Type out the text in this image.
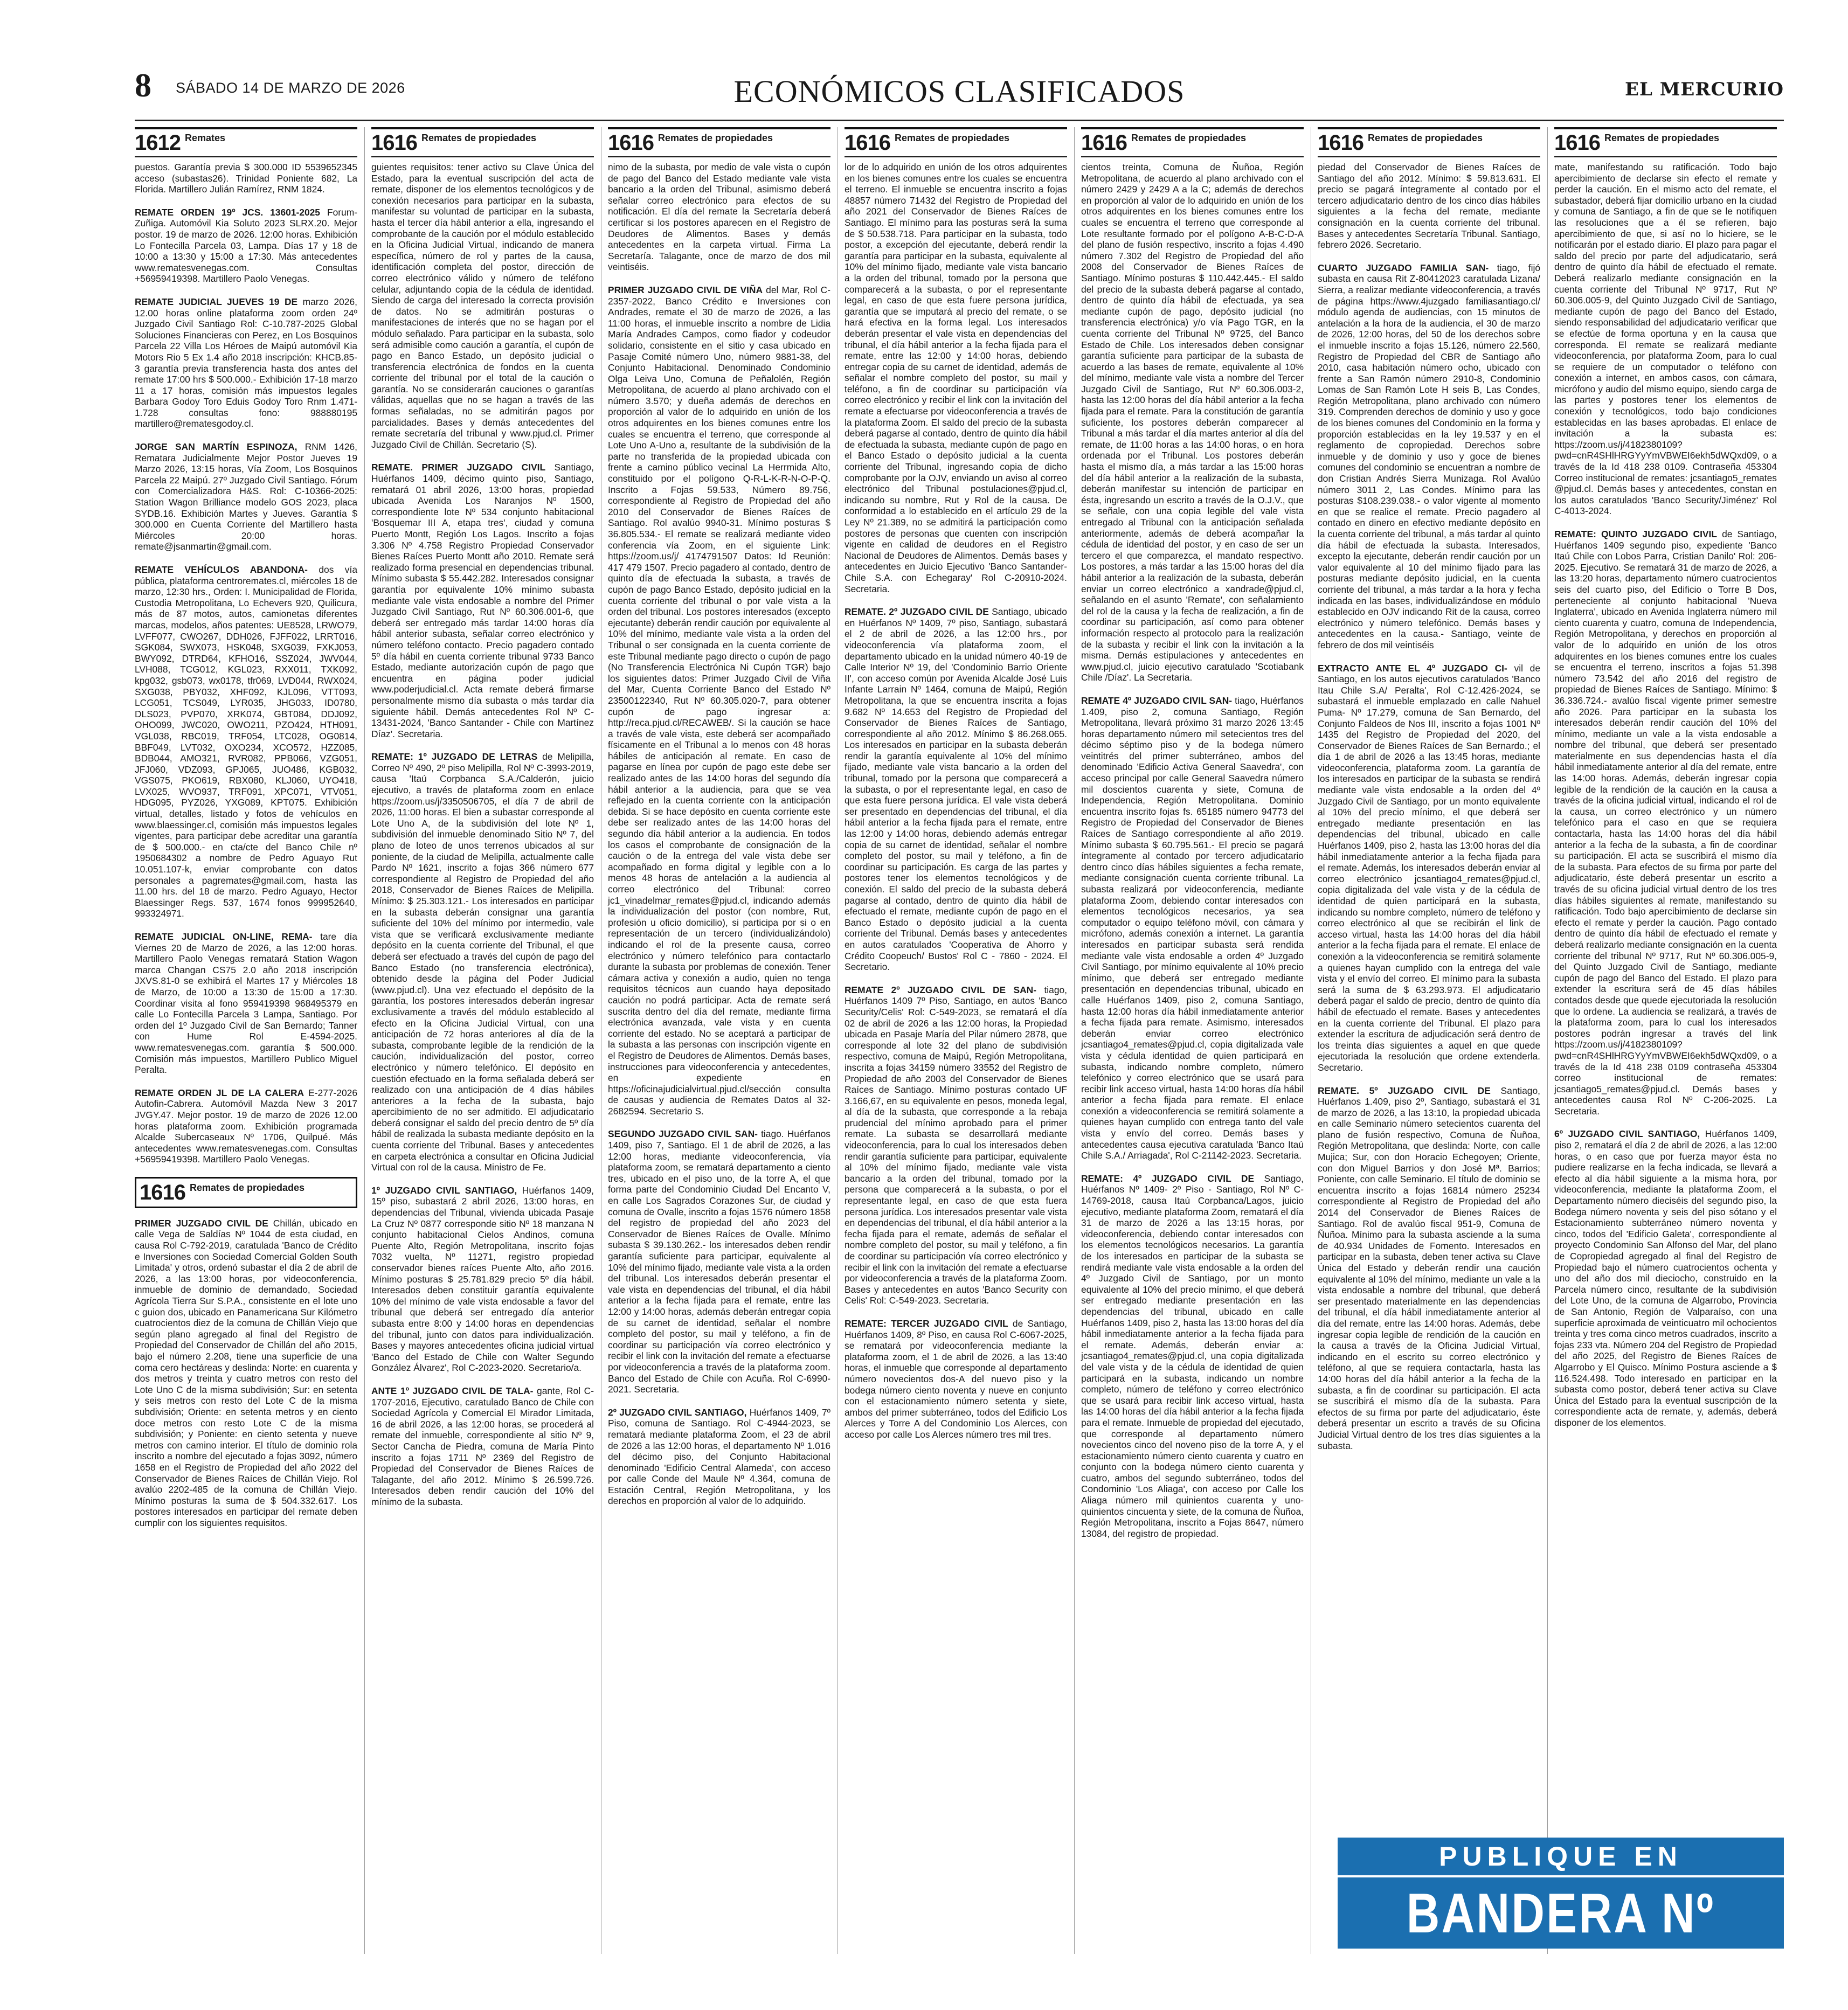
8 SÁBADO 14 DE MARZO DE 2026	ECONÓMICOS CLASIFICADOS	EL MERCURIO
1612 Remates

puestos. Garantía previa $ 300.000 ID 5539652345 acceso (subastas26). Trinidad Poniente 682, La Florida. Martillero Julián Ramírez, RNM 1824.

REMATE ORDEN 19º JCS. 13601-2025 Forum-Zuñiga. Automóvil Kia Soluto 2023 SLRX.20. Mejor postor. 19 de marzo de 2026. 12:00 horas. Exhibición Lo Fontecilla Parcela 03, Lampa. Días 17 y 18 de 10:00 a 13:30 y 15:00 a 17:30. Más antecedentes www.rematesvenegas.com. Consultas +56959419398. Martillero Paolo Venegas.

REMATE JUDICIAL JUEVES 19 DE marzo 2026, 12.00 horas online plataforma zoom orden 24º Juzgado Civil Santiago Rol: C-10.787-2025 Global Soluciones Financieras con Perez, en Los Bosquinos Parcela 22 Villa Los Héroes de Maipú automóvil Kia Motors Rio 5 Ex 1.4 año 2018 inscripción: KHCB.85-3 garantía previa transferencia hasta dos antes del remate 17:00 hrs $ 500.000.- Exhibición 17-18 marzo 11 a 17 horas, comisión más impuestos legales Barbara Godoy Toro Eduis Godoy Toro Rnm 1.471-1.728 consultas fono: 988880195 martillero@rematesgodoy.cl.

JORGE SAN MARTÍN ESPINOZA, RNM 1426, Rematara Judicialmente Mejor Postor Jueves 19 Marzo 2026, 13:15 horas, Vía Zoom, Los Bosquinos Parcela 22 Maipú. 27º Juzgado Civil Santiago. Fórum con Comercializadora H&S. Rol: C-10366-2025: Station Wagon Brilliance modelo GOS 2023, placa SYDB.16. Exhibición Martes y Jueves. Garantía $ 300.000 en Cuenta Corriente del Martillero hasta Miércoles 20:00 horas. remate@jsanmartin@gmail.com.

REMATE VEHÍCULOS ABANDONA- dos vía pública, plataforma centroremates.cl, miércoles 18 de marzo, 12:30 hrs., Orden: I. Municipalidad de Florida, Custodia Metropolitana, Lo Echevers 920, Quilicura, más de 87 motos, autos, camionetas diferentes marcas, modelos, años patentes: UE8528, LRWO79, LVFF077, CWO267, DDH026, FJFF022, LRRT016, SGK084, SWX073, HSK048, SXG039, FXKJ053, BWY092, DTRD64, KFHO16, SSZ024, JWV044, LVH088, TCG012, KGL023, RXX011, TXK092, kpg032, gsb073, wx0178, tfr069, LVD044, RWX024, SXG038, PBY032, XHF092, KJL096, VTT093, LCG051, TCS049, LYR035, JHG033, ID0780, DLS023, PVP070, XRK074, GBT084, DDJ092, OHO099, JWC020, OWO211, PZO424, HTH091, VGL038, RBC019, TRF054, LTC028, OG0814, BBF049, LVT032, OXO234, XCO572, HZZ085, BDB044, AMO321, RVR082, PPB066, VZG051, JFJ060, VDZ093, GPJ065, JUO486, KGB032, VGS075, PKO619, RBX080, KLJ060, UYO418, LVX025, WVO937, TRF091, XPC071, VTV051, HDG095, PYZ026, YXG089, KPT075. Exhibición virtual, detalles, listado y fotos de vehículos en www.blaessinger.cl, comisión más impuestos legales vigentes, para participar debe acreditar una garantía de $ 500.000.- en cta/cte del Banco Chile nº 1950684302 a nombre de Pedro Aguayo Rut 10.051.107-k, enviar comprobante con datos personales a pagremates@gmail.com, hasta las 11.00 hrs. del 18 de marzo. Pedro Aguayo, Hector Blaessinger Regs. 537, 1674 fonos 999952640, 993324971.

REMATE JUDICIAL ON-LINE, REMA- tare día Viernes 20 de Marzo de 2026, a las 12:00 horas. Martillero Paolo Venegas rematará Station Wagon marca Changan CS75 2.0 año 2018 inscripción JXVS.81-0 se exhibirá el Martes 17 y Miércoles 18 de Marzo, de 10:00 a 13:30 de 15:00 a 17:30. Coordinar visita al fono 959419398 968495379 en calle Lo Fontecilla Parcela 3 Lampa, Santiago. Por orden del 1º Juzgado Civil de San Bernardo; Tanner con Hume Rol E-4594-2025. www.rematesvenegas.com. garantía $ 500.000. Comisión más impuestos, Martillero Publico Miguel Peralta.

REMATE ORDEN JL DE LA CALERA E-277-2026 Autofin-Cabrera. Automóvil Mazda New 3 2017 JVGY.47. Mejor postor. 19 de marzo de 2026 12.00 horas plataforma zoom. Exhibición programada Alcalde Subercaseaux Nº 1706, Quilpué. Más antecedentes www.rematesvenegas.com. Consultas +56959419398. Martillero Paolo Venegas.

1616 Remates de propiedades

PRIMER JUZGADO CIVIL DE Chillán, ubicado en calle Vega de Saldías Nº 1044 de esta ciudad, en causa Rol C-792-2019, caratulada 'Banco de Crédito e Inversiones con Sociedad Comercial Golden South Limitada' y otros, ordenó subastar el día 2 de abril de 2026, a las 13:00 horas, por videoconferencia, inmueble de dominio de demandado, Sociedad Agrícola Tierra Sur S.P.A., consistente en el lote uno c guion dos, ubicado en Panamericana Sur Kilómetro cuatrocientos diez de la comuna de Chillán Viejo que según plano agregado al final del Registro de Propiedad del Conservador de Chillán del año 2015, bajo el número 2.208, tiene una superficie de una coma cero hectáreas y deslinda: Norte: en cuarenta y dos metros y treinta y cuatro metros con resto del Lote Uno C de la misma subdivisión; Sur: en setenta y seis metros con resto del Lote C de la misma subdivisión; Oriente: en setenta metros y en ciento doce metros con resto Lote C de la misma subdivisión; y Poniente: en ciento setenta y nueve metros con camino interior. El título de dominio rola inscrito a nombre del ejecutado a fojas 3092, número 1658 en el Registro de Propiedad del año 2022 del Conservador de Bienes Raíces de Chillán Viejo. Rol avalúo 2202-485 de la comuna de Chillán Viejo. Mínimo posturas la suma de $ 504.332.617. Los postores interesados en participar del remate deben cumplir con los siguientes requisitos.

1616 Remates de propiedades

guientes requisitos: tener activo su Clave Única del Estado, para la eventual suscripción del acta de remate, disponer de los elementos tecnológicos y de conexión necesarios para participar en la subasta, manifestar su voluntad de participar en la subasta, hasta el tercer día hábil anterior a ella, ingresando el comprobante de la caución por el módulo establecido en la Oficina Judicial Virtual, indicando de manera específica, número de rol y partes de la causa, identificación completa del postor, dirección de correo electrónico válido y número de teléfono celular, adjuntando copia de la cédula de identidad. Siendo de carga del interesado la correcta provisión de datos. No se admitirán posturas o manifestaciones de interés que no se hagan por el módulo señalado. Para participar en la subasta, solo será admisible como caución a garantía, el cupón de pago en Banco Estado, un depósito judicial o transferencia electrónica de fondos en la cuenta corriente del tribunal por el total de la caución o garantía. No se considerarán cauciones o garantías válidas, aquellas que no se hagan a través de las formas señaladas, no se admitirán pagos por parcialidades. Bases y demás antecedentes del remate secretaría del tribunal y www.pjud.cl. Primer Juzgado Civil de Chillán. Secretario (S).

REMATE. PRIMER JUZGADO CIVIL Santiago, Huérfanos 1409, décimo quinto piso, Santiago, rematará 01 abril 2026, 13:00 horas, propiedad ubicada Avenida Los Naranjos Nº 1500, correspondiente lote Nº 534 conjunto habitacional 'Bosquemar III A, etapa tres', ciudad y comuna Puerto Montt, Región Los Lagos. Inscrito a fojas 3.306 Nº 4.758 Registro Propiedad Conservador Bienes Raíces Puerto Montt año 2010. Remate será realizado forma presencial en dependencias tribunal. Mínimo subasta $ 55.442.282. Interesados consignar garantía por equivalente 10% mínimo subasta mediante vale vista endosable a nombre del Primer Juzgado Civil Santiago, Rut Nº 60.306.001-6, que deberá ser entregado más tardar 14:00 horas día hábil anterior subasta, señalar correo electrónico y número teléfono contacto. Precio pagadero contado 5º día hábil en cuenta corriente tribunal 9733 Banco Estado, mediante autorización cupón de pago que encuentra en página poder judicial www.poderjudicial.cl. Acta remate deberá firmarse personalmente mismo día subasta o más tardar día siguiente hábil. Demás antecedentes Rol Nº C-13431-2024, 'Banco Santander - Chile con Martínez Díaz'. Secretaria.

REMATE: 1º JUZGADO DE LETRAS de Melipilla, Correo Nº 490, 2º piso Melipilla, Rol Nº C-3993-2019, causa 'Itaú Corpbanca S.A./Calderón, juicio ejecutivo, a través de plataforma zoom en enlace https://zoom.us/j/3350506705, el día 7 de abril de 2026, 11:00 horas. El bien a subastar corresponde al Lote Uno A, de la subdivisión del lote Nº 1, subdivisión del inmueble denominado Sitio Nº 7, del plano de loteo de unos terrenos ubicados al sur poniente, de la ciudad de Melipilla, actualmente calle Pardo Nº 1621, inscrito a fojas 366 número 677 correspondiente al Registro de Propiedad del año 2018, Conservador de Bienes Raíces de Melipilla. Mínimo: $ 25.303.121.- Los interesados en participar en la subasta deberán consignar una garantía suficiente del 10% del mínimo por intermedio, vale vista que se verificará exclusivamente mediante depósito en la cuenta corriente del Tribunal, el que deberá ser efectuado a través del cupón de pago del Banco Estado (no transferencia electrónica), obtenido desde la página del Poder Judicial (www.pjud.cl). Una vez efectuado el depósito de la garantía, los postores interesados deberán ingresar exclusivamente a través del módulo establecido al efecto en la Oficina Judicial Virtual, con una anticipación de 72 horas anteriores al día de la subasta, comprobante legible de la rendición de la caución, individualización del postor, correo electrónico y número telefónico. El depósito en cuestión efectuado en la forma señalada deberá ser realizado con una anticipación de 4 días hábiles anteriores a la fecha de la subasta, bajo apercibimiento de no ser admitido. El adjudicatario deberá consignar el saldo del precio dentro de 5º día hábil de realizada la subasta mediante depósito en la cuenta corriente del Tribunal. Bases y antecedentes en carpeta electrónica a consultar en Oficina Judicial Virtual con rol de la causa. Ministro de Fe.

1º JUZGADO CIVIL SANTIAGO, Huérfanos 1409, 15º piso, subastará 2 abril 2026, 13:00 horas, en dependencias del Tribunal, vivienda ubicada Pasaje La Cruz Nº 0877 corresponde sitio Nº 18 manzana N conjunto habitacional Cielos Andinos, comuna Puente Alto, Región Metropolitana, inscrito fojas 7032 vuelta, Nº 11271, registro propiedad conservador bienes raíces Puente Alto, año 2016. Mínimo posturas $ 25.781.829 precio 5º día hábil. Interesados deben constituir garantía equivalente 10% del mínimo de vale vista endosable a favor del tribunal que deberá ser entregado día anterior subasta entre 8:00 y 14:00 horas en dependencias del tribunal, junto con datos para individualización. Bases y mayores antecedentes oficina judicial virtual 'Banco del Estado de Chile con Walter Segundo González Álvarez', Rol C-2023-2020. Secretario/a.

ANTE 1º JUZGADO CIVIL DE TALA- gante, Rol C-1707-2016, Ejecutivo, caratulado Banco de Chile con Sociedad Agrícola y Comercial El Mirador Limitada, 16 de abril 2026, a las 12:00 horas, se procederá al remate del inmueble, correspondiente al sitio Nº 9, Sector Cancha de Piedra, comuna de María Pinto inscrito a fojas 1711 Nº 2369 del Registro de Propiedad del Conservador de Bienes Raíces de Talagante, del año 2012. Mínimo $ 26.599.726. Interesados deben rendir caución del 10% del mínimo de la subasta.

1616 Remates de propiedades

nimo de la subasta, por medio de vale vista o cupón de pago del Banco del Estado mediante vale vista bancario a la orden del Tribunal, asimismo deberá señalar correo electrónico para efectos de su notificación. El día del remate la Secretaría deberá certificar si los postores aparecen en el Registro de Deudores de Alimentos. Bases y demás antecedentes en la carpeta virtual. Firma La Secretaría. Talagante, once de marzo de dos mil veintiséis.

PRIMER JUZGADO CIVIL DE VIÑA del Mar, Rol C-2357-2022, Banco Crédito e Inversiones con Andrades, remate el 30 de marzo de 2026, a las 11:00 horas, el inmueble inscrito a nombre de Lidia María Andrades Campos, como fiador y codeudor solidario, consistente en el sitio y casa ubicado en Pasaje Comité número Uno, número 9881-38, del Conjunto Habitacional. Denominado Condominio Olga Leiva Uno, Comuna de Peñalolén, Región Metropolitana, de acuerdo al plano archivado con el número 3.570; y dueña además de derechos en proporción al valor de lo adquirido en unión de los otros adquirentes en los bienes comunes entre los cuales se encuentra el terreno, que corresponde al Lote Uno A-Uno a, resultante de la subdivisión de la parte no transferida de la propiedad ubicada con frente a camino público vecinal La Herrmida Alto, constituido por el polígono Q-R-L-K-R-N-O-P-Q. Inscrito a Fojas 59.533, Número 89.756, correspondiente al Registro de Propiedad del año 2010 del Conservador de Bienes Raíces de Santiago. Rol avalúo 9940-31. Mínimo posturas $ 36.805.534.- El remate se realizará mediante video conferencia vía Zoom, en el siguiente Link: https://zoom.us/j/ 4174791507 Datos: Id Reunión: 417 479 1507. Precio pagadero al contado, dentro de quinto día de efectuada la subasta, a través de cupón de pago Banco Estado, depósito judicial en la cuenta corriente del tribunal o por vale vista a la orden del tribunal. Los postores interesados (excepto ejecutante) deberán rendir caución por equivalente al 10% del mínimo, mediante vale vista a la orden del Tribunal o ser consignada en la cuenta corriente de este Tribunal mediante pago directo o cupón de pago (No Transferencia Electrónica Ni Cupón TGR) bajo los siguientes datos: Primer Juzgado Civil de Viña del Mar, Cuenta Corriente Banco del Estado Nº 23500122340, Rut Nº 60.305.020-7, para obtener cupón de pago ingresar a: http://reca.pjud.cl/RECAWEB/. Si la caución se hace a través de vale vista, este deberá ser acompañado físicamente en el Tribunal a lo menos con 48 horas hábiles de anticipación al remate. En caso de pagarse en línea por cupón de pago este debe ser realizado antes de las 14:00 horas del segundo día hábil anterior a la audiencia, para que se vea reflejado en la cuenta corriente con la anticipación debida. Si se hace depósito en cuenta corriente este debe ser realizado antes de las 14:00 horas del segundo día hábil anterior a la audiencia. En todos los casos el comprobante de consignación de la caución o de la entrega del vale vista debe ser acompañado en forma digital y legible con a lo menos 48 horas de antelación a la audiencia al correo electrónico del Tribunal: correo jc1_vinadelmar_remates@pjud.cl, indicando además la individualización del postor (con nombre, Rut, profesión u oficio domicilio), si participa por si o en representación de un tercero (individualizándolo) indicando el rol de la presente causa, correo electrónico y número telefónico para contactarlo durante la subasta por problemas de conexión. Tener cámara activa y conexión a audio, quien no tenga requisitos técnicos aun cuando haya depositado caución no podrá participar. Acta de remate será suscrita dentro del día del remate, mediante firma electrónica avanzada, vale vista y en cuenta corriente del estado. No se aceptará a participar de la subasta a las personas con inscripción vigente en el Registro de Deudores de Alimentos. Demás bases, instrucciones para videoconferencia y antecedentes, en expediente en https://oficinajudicialvirtual.pjud.cl/sección consulta de causas y audiencia de Remates Datos al 32-2682594. Secretario S.

SEGUNDO JUZGADO CIVIL SAN- tiago. Huérfanos 1409, piso 7, Santiago. El 1 de abril de 2026, a las 12:00 horas, mediante videoconferencia, vía plataforma zoom, se rematará departamento a ciento tres, ubicado en el piso uno, de la torre A, el que forma parte del Condominio Ciudad Del Encanto V, en calle Los Sagrados Corazones Sur, de ciudad y comuna de Ovalle, inscrito a fojas 1576 número 1858 del registro de propiedad del año 2023 del Conservador de Bienes Raíces de Ovalle. Mínimo subasta $ 39.130.262.- los interesados deben rendir garantía suficiente para participar, equivalente al 10% del mínimo fijado, mediante vale vista a la orden del tribunal. Los interesados deberán presentar el vale vista en dependencias del tribunal, el día hábil anterior a la fecha fijada para el remate, entre las 12:00 y 14:00 horas, además deberán entregar copia de su carnet de identidad, señalar el nombre completo del postor, su mail y teléfono, a fin de coordinar su participación vía correo electrónico y recibir el link con la invitación del remate a efectuarse por videoconferencia a través de la plataforma zoom. Banco del Estado de Chile con Acuña. Rol C-6990-2021. Secretaria.

2º JUZGADO CIVIL SANTIAGO, Huérfanos 1409, 7º Piso, comuna de Santiago. Rol C-4944-2023, se rematará mediante plataforma Zoom, el 23 de abril de 2026 a las 12:00 horas, el departamento Nº 1.016 del décimo piso, del Conjunto Habitacional denominado 'Edificio Central Alameda', con acceso por calle Conde del Maule Nº 4.364, comuna de Estación Central, Región Metropolitana, y los derechos en proporción al valor de lo adquirido.

1616 Remates de propiedades

lor de lo adquirido en unión de los otros adquirentes en los bienes comunes entre los cuales se encuentra el terreno. El inmueble se encuentra inscrito a fojas 48857 número 71432 del Registro de Propiedad del año 2021 del Conservador de Bienes Raíces de Santiago. El mínimo para las posturas será la suma de $ 50.538.718. Para participar en la subasta, todo postor, a excepción del ejecutante, deberá rendir la garantía para participar en la subasta, equivalente al 10% del mínimo fijado, mediante vale vista bancario a la orden del tribunal, tomado por la persona que comparecerá a la subasta, o por el representante legal, en caso de que esta fuere persona jurídica, garantía que se imputará al precio del remate, o se hará efectiva en la forma legal. Los interesados deberán presentar el vale vista en dependencias del tribunal, el día hábil anterior a la fecha fijada para el remate, entre las 12:00 y 14:00 horas, debiendo entregar copia de su carnet de identidad, además de señalar el nombre completo del postor, su mail y teléfono, a fin de coordinar su participación vía correo electrónico y recibir el link con la invitación del remate a efectuarse por videoconferencia a través de la plataforma Zoom. El saldo del precio de la subasta deberá pagarse al contado, dentro de quinto día hábil de efectuada la subasta, mediante cupón de pago en el Banco Estado o depósito judicial a la cuenta corriente del Tribunal, ingresando copia de dicho comprobante por la OJV, enviando un aviso al correo electrónico del Tribunal postulaciones@pjud.cl, indicando su nombre, Rut y Rol de la causa. De conformidad a lo establecido en el artículo 29 de la Ley Nº 21.389, no se admitirá la participación como postores de personas que cuenten con inscripción vigente en calidad de deudores en el Registro Nacional de Deudores de Alimentos. Demás bases y antecedentes en Juicio Ejecutivo 'Banco Santander-Chile S.A. con Echegaray' Rol C-20910-2024. Secretaria.

REMATE. 2º JUZGADO CIVIL DE Santiago, ubicado en Huérfanos Nº 1409, 7º piso, Santiago, subastará el 2 de abril de 2026, a las 12:00 hrs., por videoconferencia vía plataforma zoom, el departamento ubicado en la unidad número 40-19 de Calle Interior Nº 19, del 'Condominio Barrio Oriente II', con acceso común por Avenida Alcalde José Luis Infante Larrain Nº 1464, comuna de Maipú, Región Metropolitana, la que se encuentra inscrita a fojas 9.682 Nº 14.653 del Registro de Propiedad del Conservador de Bienes Raíces de Santiago, correspondiente al año 2012. Mínimo $ 86.268.065. Los interesados en participar en la subasta deberán rendir la garantía equivalente al 10% del mínimo fijado, mediante vale vista bancario a la orden del tribunal, tomado por la persona que comparecerá a la subasta, o por el representante legal, en caso de que esta fuere persona jurídica. El vale vista deberá ser presentado en dependencias del tribunal, el día hábil anterior a la fecha fijada para el remate, entre las 12:00 y 14:00 horas, debiendo además entregar copia de su carnet de identidad, señalar el nombre completo del postor, su mail y teléfono, a fin de coordinar su participación. Es carga de las partes y postores tener los elementos tecnológicos y de conexión. El saldo del precio de la subasta deberá pagarse al contado, dentro de quinto día hábil de efectuado el remate, mediante cupón de pago en el Banco Estado o depósito judicial a la cuenta corriente del Tribunal. Demás bases y antecedentes en autos caratulados 'Cooperativa de Ahorro y Crédito Coopeuch/ Bustos' Rol C - 7860 - 2024. El Secretario.

REMATE 2º JUZGADO CIVIL DE SAN- tiago, Huérfanos 1409 7º Piso, Santiago, en autos 'Banco Security/Celis' Rol: C-549-2023, se rematará el día 02 de abril de 2026 a las 12:00 horas, la Propiedad ubicada en Pasaje María del Pilar número 2878, que corresponde al lote 32 del plano de subdivisión respectivo, comuna de Maipú, Región Metropolitana, inscrita a fojas 34159 número 33552 del Registro de Propiedad de año 2003 del Conservador de Bienes Raíces de Santiago. Mínimo posturas contado UF 3.166,67, en su equivalente en pesos, moneda legal, al día de la subasta, que corresponde a la rebaja prudencial del mínimo aprobado para el primer remate. La subasta se desarrollará mediante videoconferencia, para lo cual los interesados deben rendir garantía suficiente para participar, equivalente al 10% del mínimo fijado, mediante vale vista bancario a la orden del tribunal, tomado por la persona que comparecerá a la subasta, o por el representante legal, en caso de que esta fuera persona jurídica. Los interesados presentar vale vista en dependencias del tribunal, el día hábil anterior a la fecha fijada para el remate, además de señalar el nombre completo del postor, su mail y teléfono, a fin de coordinar su participación vía correo electrónico y recibir el link con la invitación del remate a efectuarse por videoconferencia a través de la plataforma Zoom. Bases y antecedentes en autos 'Banco Security con Celis' Rol: C-549-2023. Secretaria.

REMATE: TERCER JUZGADO CIVIL de Santiago, Huérfanos 1409, 8º Piso, en causa Rol C-6067-2025, se rematará por videoconferencia mediante la plataforma zoom, el 1 de abril de 2026, a las 13:40 horas, el inmueble que corresponde al departamento número novecientos dos-A del nuevo piso y la bodega número ciento noventa y nueve en conjunto con el estacionamiento número setenta y siete, ambos del primer subterráneo, todos del Edificio Los Alerces y Torre A del Condominio Los Alerces, con acceso por calle Los Alerces número tres mil tres.

1616 Remates de propiedades

cientos treinta, Comuna de Ñuñoa, Región Metropolitana, de acuerdo al plano archivado con el número 2429 y 2429 A a la C; además de derechos en proporción al valor de lo adquirido en unión de los otros adquirentes en los bienes comunes entre los cuales se encuentra el terreno que corresponde al Lote resultante formado por el polígono A-B-C-D-A del plano de fusión respectivo, inscrito a fojas 4.490 número 7.302 del Registro de Propiedad del año 2008 del Conservador de Bienes Raíces de Santiago. Mínimo posturas $ 110.442.445.- El saldo del precio de la subasta deberá pagarse al contado, dentro de quinto día hábil de efectuada, ya sea mediante cupón de pago, depósito judicial (no transferencia electrónica) y/o vía Pago TGR, en la cuenta corriente del Tribunal Nº 9725, del Banco Estado de Chile. Los interesados deben consignar garantía suficiente para participar de la subasta de acuerdo a las bases de remate, equivalente al 10% del mínimo, mediante vale vista a nombre del Tercer Juzgado Civil de Santiago, Rut Nº 60.306.003-2, hasta las 12:00 horas del día hábil anterior a la fecha fijada para el remate. Para la constitución de garantía suficiente, los postores deberán comparecer al Tribunal a más tardar el día martes anterior al día del remate, de 11:00 horas a las 14:00 horas, o en hora ordenada por el Tribunal. Los postores deberán hasta el mismo día, a más tardar a las 15:00 horas del día hábil anterior a la realización de la subasta, deberán manifestar su intención de participar en ésta, ingresando un escrito a través de la O.J.V., que se señale, con una copia legible del vale vista entregado al Tribunal con la anticipación señalada anteriormente, además de deberá acompañar la cédula de identidad del postor, y en caso de ser un tercero el que comparezca, el mandato respectivo. Los postores, a más tardar a las 15:00 horas del día hábil anterior a la realización de la subasta, deberán enviar un correo electrónico a xandrade@pjud.cl, señalando en el asunto 'Remate', con señalamiento del rol de la causa y la fecha de realización, a fin de coordinar su participación, así como para obtener información respecto al protocolo para la realización de la subasta y recibir el link con la invitación a la misma. Demás estipulaciones y antecedentes en www.pjud.cl, juicio ejecutivo caratulado 'Scotiabank Chile /Díaz'. La Secretaria.

REMATE 4º JUZGADO CIVIL SAN- tiago, Huérfanos 1.409, piso 2, comuna Santiago, Región Metropolitana, llevará próximo 31 marzo 2026 13:45 horas departamento número mil setecientos tres del décimo séptimo piso y de la bodega número veintitrés del primer subterráneo, ambos del denominado 'Edificio Activa General Saavedra', con acceso principal por calle General Saavedra número mil doscientos cuarenta y siete, Comuna de Independencia, Región Metropolitana. Dominio encuentra inscrito fojas fs. 65185 número 94773 del Registro de Propiedad del Conservador de Bienes Raíces de Santiago correspondiente al año 2019. Mínimo subasta $ 60.795.561.- El precio se pagará íntegramente al contado por tercero adjudicatario dentro cinco días hábiles siguientes a fecha remate, mediante consignación cuenta corriente tribunal. La subasta realizará por videoconferencia, mediante plataforma Zoom, debiendo contar interesados con elementos tecnológicos necesarios, ya sea computador o equipo teléfono móvil, con cámara y micrófono, además conexión a internet. La garantía interesados en participar subasta será rendida mediante vale vista endosable a orden 4º Juzgado Civil Santiago, por mínimo equivalente al 10% precio mínimo, que deberá ser entregado mediante presentación en dependencias tribunal, ubicado en calle Huérfanos 1409, piso 2, comuna Santiago, hasta 12:00 horas día hábil inmediatamente anterior a fecha fijada para remate. Asimismo, interesados deberán enviar correo electrónico jcsantiago4_remates@pjud.cl, copia digitalizada vale vista y cédula identidad de quien participará en subasta, indicando nombre completo, número telefónico y correo electrónico que se usará para recibir link acceso virtual, hasta 14:00 horas día hábil anterior a fecha fijada para remate. El enlace conexión a videoconferencia se remitirá solamente a quienes hayan cumplido con entrega tanto del vale vista y envío del correo. Demás bases y antecedentes causa ejecutiva caratulada 'Banco Itaú Chile S.A./ Arriagada', Rol C-21142-2023. Secretaria.

REMATE: 4º JUZGADO CIVIL DE Santiago, Huérfanos Nº 1409- 2º Piso - Santiago, Rol Nº C-14769-2018, causa Itaú Corpbanca/Lagos, juicio ejecutivo, mediante plataforma Zoom, rematará el día 31 de marzo de 2026 a las 13:15 horas, por videoconferencia, debiendo contar interesados con los elementos tecnológicos necesarios. La garantía de los interesados en participar de la subasta se rendirá mediante vale vista endosable a la orden del 4º Juzgado Civil de Santiago, por un monto equivalente al 10% del precio mínimo, el que deberá ser entregado mediante presentación en las dependencias del tribunal, ubicado en calle Huérfanos 1409, piso 2, hasta las 13:00 horas del día hábil inmediatamente anterior a la fecha fijada para el remate. Además, deberán enviar a: jcsantiago4_remates@pjud.cl, una copia digitalizada del vale vista y de la cédula de identidad de quien participará en la subasta, indicando un nombre completo, número de teléfono y correo electrónico que se usará para recibir link acceso virtual, hasta las 14:00 horas del día hábil anterior a la fecha fijada para el remate. Inmueble de propiedad del ejecutado, que corresponde al departamento número novecientos cinco del noveno piso de la torre A, y el estacionamiento número ciento cuarenta y cuatro en conjunto con la bodega número ciento cuarenta y cuatro, ambos del segundo subterráneo, todos del Condominio 'Los Aliaga', con acceso por Calle los Aliaga número mil quinientos cuarenta y uno- quinientos cincuenta y siete, de la comuna de Ñuñoa, Región Metropolitana, inscrito a Fojas 8647, número 13084, del registro de propiedad.

1616 Remates de propiedades

piedad del Conservador de Bienes Raíces de Santiago del año 2012. Mínimo: $ 59.813.631. El precio se pagará íntegramente al contado por el tercero adjudicatario dentro de los cinco días hábiles siguientes a la fecha del remate, mediante consignación en la cuenta corriente del tribunal. Bases y antecedentes Secretaría Tribunal. Santiago, febrero 2026. Secretario.

CUARTO JUZGADO FAMILIA SAN- tiago, fijó subasta en causa Rit Z-80412023 caratulada Lizana/ Sierra, a realizar mediante videoconferencia, a través de página https://www.4juzgado familiasantiago.cl/ módulo agenda de audiencias, con 15 minutos de antelación a la hora de la audiencia, el 30 de marzo de 2026, 12:00 horas, del 50 de los derechos sobre el inmueble inscrito a fojas 15.126, número 22.560, Registro de Propiedad del CBR de Santiago año 2010, casa habitación número ocho, ubicado con frente a San Ramón número 2910-8, Condominio Lomas de San Ramón Lote H seis B, Las Condes, Región Metropolitana, plano archivado con número 319. Comprenden derechos de dominio y uso y goce de los bienes comunes del Condominio en la forma y proporción establecidas en la ley 19.537 y en el reglamento de copropiedad. Derechos sobre inmueble y de dominio y uso y goce de bienes comunes del condominio se encuentran a nombre de don Cristian Andrés Sierra Munizaga. Rol Avalúo número 3011 2, Las Condes. Mínimo para las posturas $108.239.038.- o valor vigente al momento en que se realice el remate. Precio pagadero al contado en dinero en efectivo mediante depósito en la cuenta corriente del tribunal, a más tardar al quinto día hábil de efectuada la subasta. Interesados, excepto la ejecutante, deberán rendir caución por un valor equivalente al 10 del mínimo fijado para las posturas mediante depósito judicial, en la cuenta corriente del tribunal, a más tardar a la hora y fecha indicada en las bases, individualizándose en módulo establecido en OJV indicando Rit de la causa, correo electrónico y número telefónico. Demás bases y antecedentes en la causa.- Santiago, veinte de febrero de dos mil veintiséis

EXTRACTO ANTE EL 4º JUZGADO CI- vil de Santiago, en los autos ejecutivos caratulados 'Banco Itau Chile S.A/ Peralta', Rol C-12.426-2024, se subastará el inmueble emplazado en calle Nahuel Puma- Nº 17.279, comuna de San Bernardo, del Conjunto Faldeos de Nos III, inscrito a fojas 1001 Nº 1435 del Registro de Propiedad del 2020, del Conservador de Bienes Raíces de San Bernardo.; el día 1 de abril de 2026 a las 13:45 horas, mediante videoconferencia, plataforma zoom. La garantía de los interesados en participar de la subasta se rendirá mediante vale vista endosable a la orden del 4º Juzgado Civil de Santiago, por un monto equivalente al 10% del precio mínimo, el que deberá ser entregado mediante presentación en las dependencias del tribunal, ubicado en calle Huérfanos 1409, piso 2, hasta las 13:00 horas del día hábil inmediatamente anterior a la fecha fijada para el remate. Además, los interesados deberán enviar al correo electrónico jcsantiago4_remates@pjud.cl, copia digitalizada del vale vista y de la cédula de identidad de quien participará en la subasta, indicando su nombre completo, número de teléfono y correo electrónico al que se recibirán el link de acceso virtual, hasta las 14:00 horas del día hábil anterior a la fecha fijada para el remate. El enlace de conexión a la videoconferencia se remitirá solamente a quienes hayan cumplido con la entrega del vale vista y el envío del correo. El mínimo para la subasta será la suma de $ 63.293.973. El adjudicatario deberá pagar el saldo de precio, dentro de quinto día hábil de efectuado el remate. Bases y antecedentes en la cuenta corriente del Tribunal. El plazo para extender la escritura de adjudicación será dentro de los treinta días siguientes a aquel en que quede ejecutoriada la resolución que ordene extenderla. Secretario.

REMATE. 5º JUZGADO CIVIL DE Santiago, Huérfanos 1.409, piso 2º, Santiago, subastará el 31 de marzo de 2026, a las 13:10, la propiedad ubicada en calle Seminario número setecientos cuarenta del plano de fusión respectivo, Comuna de Ñuñoa, Región Metropolitana, que deslinda: Norte, con calle Mujica; Sur, con don Horacio Echegoyen; Oriente, con don Miguel Barrios y don José Mª. Barrios; Poniente, con calle Seminario. El título de dominio se encuentra inscrito a fojas 16814 número 25234 correspondiente al Registro de Propiedad del año 2014 del Conservador de Bienes Raíces de Santiago. Rol de avalúo fiscal 951-9, Comuna de Ñuñoa. Mínimo para la subasta asciende a la suma de 40.934 Unidades de Fomento. Interesados en participar en la subasta, deben tener activa su Clave Única del Estado y deberán rendir una caución equivalente al 10% del mínimo, mediante un vale a la vista endosable a nombre del tribunal, que deberá ser presentado materialmente en las dependencias del tribunal, el día hábil inmediatamente anterior al día del remate, entre las 14:00 horas. Además, debe ingresar copia legible de rendición de la caución en la causa a través de la Oficina Judicial Virtual, indicando en el escrito su correo electrónico y teléfono, al que se requiera contactarla, hasta las 14:00 horas del día hábil anterior a la fecha de la subasta, a fin de coordinar su participación. El acta se suscribirá el mismo día de la subasta. Para efectos de su firma por parte del adjudicatario, éste deberá presentar un escrito a través de su Oficina Judicial Virtual dentro de los tres días siguientes a la subasta.

1616 Remates de propiedades

mate, manifestando su ratificación. Todo bajo apercibimiento de declarse sin efecto el remate y perder la caución. En el mismo acto del remate, el subastador, deberá fijar domicilio urbano en la ciudad y comuna de Santiago, a fin de que se le notifiquen las resoluciones que a él se refieren, bajo apercibimiento de que, si así no lo hiciere, se le notificarán por el estado diario. El plazo para pagar el saldo del precio por parte del adjudicatario, será dentro de quinto día hábil de efectuado el remate. Deberá realizarlo mediante consignación en la cuenta corriente del Tribunal Nº 9717, Rut Nº 60.306.005-9, del Quinto Juzgado Civil de Santiago, mediante cupón de pago del Banco del Estado, siendo responsabilidad del adjudicatario verificar que se efectúe de forma oportuna y en la causa que corresponda. El remate se realizará mediante videoconferencia, por plataforma Zoom, para lo cual se requiere de un computador o teléfono con conexión a internet, en ambos casos, con cámara, micrófono y audio del mismo equipo, siendo carga de las partes y postores tener los elementos de conexión y tecnológicos, todo bajo condiciones establecidas en las bases aprobadas. El enlace de invitación a la subasta es: https://zoom.us/j/4182380109?pwd=cnR4SHlHRGYyYmVBWEI6ekh5dWQxd09, o a través de la Id 418 238 0109. Contraseña 453304 Correo institucional de remates: jcsantiago5_remates @pjud.cl. Demás bases y antecedentes, constan en los autos caratulados 'Banco Security/Jiménez' Rol C-4013-2024.

REMATE: QUINTO JUZGADO CIVIL de Santiago, Huérfanos 1409 segundo piso, expediente 'Banco Itaú Chile con Lobos Parra, Cristian Danilo' Rol: 206-2025. Ejecutivo. Se rematará 31 de marzo de 2026, a las 13:20 horas, departamento número cuatrocientos seis del cuarto piso, del Edificio o Torre B Dos, perteneciente al conjunto habitacional 'Nueva Inglaterra', ubicado en Avenida Inglaterra número mil ciento cuarenta y cuatro, comuna de Independencia, Región Metropolitana, y derechos en proporción al valor de lo adquirido en unión de los otros adquirentes en los bienes comunes entre los cuales se encuentra el terreno, inscritos a fojas 51.398 número 73.542 del año 2016 del registro de propiedad de Bienes Raíces de Santiago. Mínimo: $ 36.336.724.- avalúo fiscal vigente primer semestre año 2026. Para participar en la subasta los interesados deberán rendir caución del 10% del mínimo, mediante un vale a la vista endosable a nombre del tribunal, que deberá ser presentado materialmente en sus dependencias hasta el día hábil inmediatamente anterior al día del remate, entre las 14:00 horas. Además, deberán ingresar copia legible de la rendición de la caución en la causa a través de la oficina judicial virtual, indicando el rol de la causa, un correo electrónico y un número telefónico para el caso en que se requiera contactarla, hasta las 14:00 horas del día hábil anterior a la fecha de la subasta, a fin de coordinar su participación. El acta se suscribirá el mismo día de la subasta. Para efectos de su firma por parte del adjudicatario, éste deberá presentar un escrito a través de su oficina judicial virtual dentro de los tres días hábiles siguientes al remate, manifestando su ratificación. Todo bajo apercibimiento de declarse sin efecto el remate y perder la caución. Pago contado dentro de quinto día hábil de efectuado el remate y deberá realizarlo mediante consignación en la cuenta corriente del tribunal Nº 9717, Rut Nº 60.306.005-9, del Quinto Juzgado Civil de Santiago, mediante cupón de pago del Banco del Estado. El plazo para extender la escritura será de 45 días hábiles contados desde que quede ejecutoriada la resolución que lo ordene. La audiencia se realizará, a través de la plataforma zoom, para lo cual los interesados postores podrán ingresar a través del link https://zoom.us/j/4182380109?pwd=cnR4SHlHRGYyYmVBWEI6ekh5dWQxd09, o a través de la Id 418 238 0109 contraseña 453304 correo institucional de remates: jcsantiago5_remates@pjud.cl. Demás bases y antecedentes causa Rol Nº C-206-2025. La Secretaria.

6º JUZGADO CIVIL SANTIAGO, Huérfanos 1409, piso 2, rematará el día 2 de abril de 2026, a las 12:00 horas, o en caso que por fuerza mayor ésta no pudiere realizarse en la fecha indicada, se llevará a efecto al día hábil siguiente a la misma hora, por videoconferencia, mediante la plataforma Zoom, el Departamento número dieciséis del segundo piso, la Bodega número noventa y seis del piso sótano y el Estacionamiento subterráneo número noventa y cinco, todos del 'Edificio Galeta', correspondiente al proyecto Condominio San Alfonso del Mar, del plano de Copropiedad agregado al final del Registro de Propiedad bajo el número cuatrocientos ochenta y uno del año dos mil dieciocho, construido en la Parcela número cinco, resultante de la subdivisión del Lote Uno, de la comuna de Algarrobo, Provincia de San Antonio, Región de Valparaíso, con una superficie aproximada de veinticuatro mil ochocientos treinta y tres coma cinco metros cuadrados, inscrito a fojas 233 vta. Número 204 del Registro de Propiedad del año 2025, del Registro de Bienes Raíces de Algarrobo y El Quisco. Mínimo Postura asciende a $ 116.524.498. Todo interesado en participar en la subasta como postor, deberá tener activa su Clave Única del Estado para la eventual suscripción de la correspondiente acta de remate, y, además, deberá disponer de los elementos.

PUBLIQUE EN
BANDERA Nº 331
